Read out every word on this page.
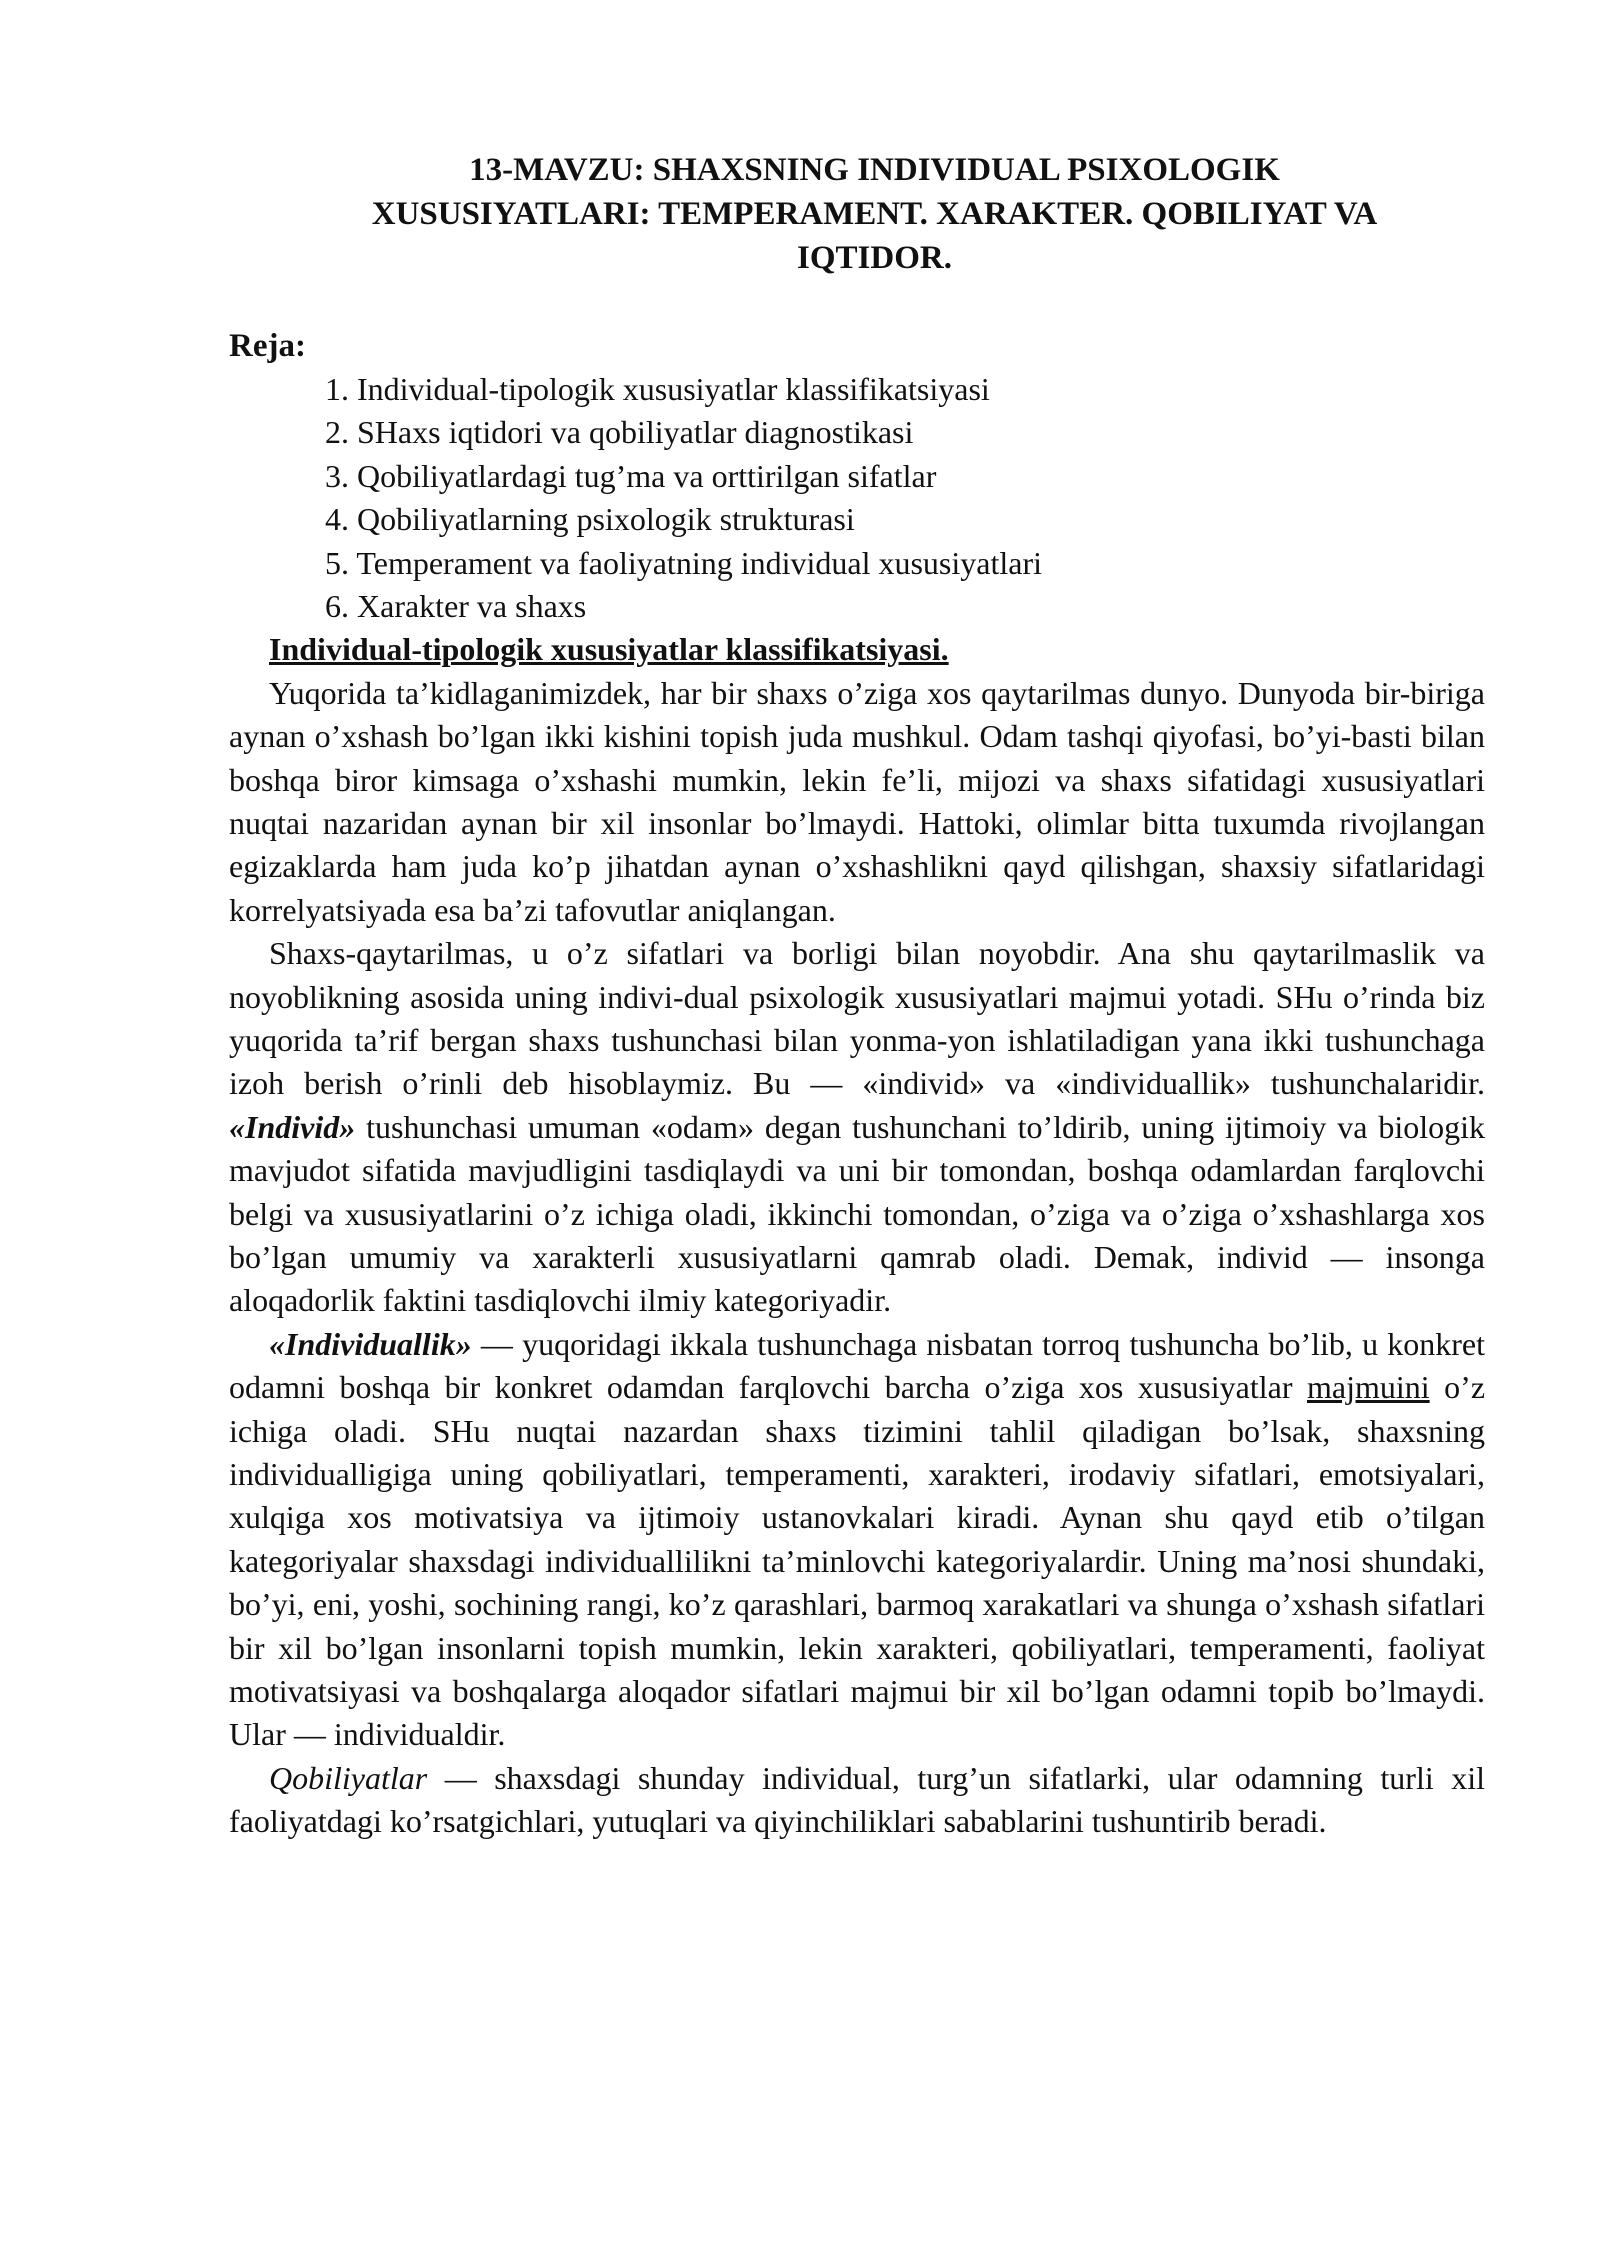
13-MAVZU: SHAXSNING INDIVIDUAL PSIXOLOGIK
XUSUSIYATLARI: TEMPERAMENT. XARAKTER. QOBILIYAT VA
IQTIDOR.
Reja:
1. Individual-tipologik xususiyatlar klassifikatsiyasi
2. SHaxs iqtidori va qobiliyatlar diagnostikasi
3. Qobiliyatlardagi tug’ma va orttirilgan sifatlar
4. Qobiliyatlarning psixologik strukturasi
5. Temperament va faoliyatning individual xususiyatlari
6. Xarakter va shaxs
Individual-tipologik xususiyatlar klassifikatsiyasi.

Yuqorida ta’kidlaganimizdek, har bir shaxs o’ziga xos qaytarilmas dunyo. Dunyoda bir-biriga aynan o’xshash bo’lgan ikki kishini topish juda mushkul. Odam tashqi qiyofasi, bo’yi-basti bilan boshqa biror kimsaga o’xshashi mumkin, lekin fe’li, mijozi va shaxs sifatidagi xususiyatlari nuqtai nazaridan aynan bir xil insonlar bo’lmaydi. Hattoki, olimlar bitta tuxumda rivojlangan egizaklarda ham juda ko’p jihatdan aynan o’xshashlikni qayd qilishgan, shaxsiy sifatlaridagi korrelyatsiyada esa ba’zi tafovutlar aniqlangan.

Shaxs-qaytarilmas, u o’z sifatlari va borligi bilan noyobdir. Ana shu qaytarilmaslik va noyoblikning asosida uning indivi-dual psixologik xususiyatlari majmui yotadi. SHu o’rinda biz yuqorida ta’rif bergan shaxs tushunchasi bilan yonma-yon ishlatiladigan yana ikki tushunchaga izoh berish o’rinli deb hisoblaymiz. Bu — «individ» va «individuallik» tushunchalaridir. «Individ» tushunchasi umuman «odam» degan tushunchani to’ldirib, uning ijtimoiy va biologik mavjudot sifatida mavjudligini tasdiqlaydi va uni bir tomondan, boshqa odamlardan farqlovchi belgi va xususiyatlarini o’z ichiga oladi, ikkinchi tomondan, o’ziga va o’ziga o’xshashlarga xos bo’lgan umumiy va xarakterli xususiyatlarni qamrab oladi. Demak, individ — insonga aloqadorlik faktini tasdiqlovchi ilmiy kategoriyadir.

«Individuallik» — yuqoridagi ikkala tushunchaga nisbatan torroq tushuncha bo’lib, u konkret odamni boshqa bir konkret odamdan farqlovchi barcha o’ziga xos xususiyatlar majmuini o’z ichiga oladi. SHu nuqtai nazardan shaxs tizimini tahlil qiladigan bo’lsak, shaxsning individualligiga uning qobiliyatlari, temperamenti, xarakteri, irodaviy sifatlari, emotsiyalari, xulqiga xos motivatsiya va ijtimoiy ustanovkalari kiradi. Aynan shu qayd etib o’tilgan kategoriyalar shaxsdagi individuallilikni ta’minlovchi kategoriyalardir. Uning ma’nosi shundaki, bo’yi, eni, yoshi, sochining rangi, ko’z qarashlari, barmoq xarakatlari va shunga o’xshash sifatlari bir xil bo’lgan insonlarni topish mumkin, lekin xarakteri, qobiliyatlari, temperamenti, faoliyat motivatsiyasi va boshqalarga aloqador sifatlari majmui bir xil bo’lgan odamni topib bo’lmaydi. Ular — individualdir.

Qobiliyatlar — shaxsdagi shunday individual, turg’un sifatlarki, ular odamning turli xil faoliyatdagi ko’rsatgichlari, yutuqlari va qiyinchiliklari sabablarini tushuntirib beradi.
